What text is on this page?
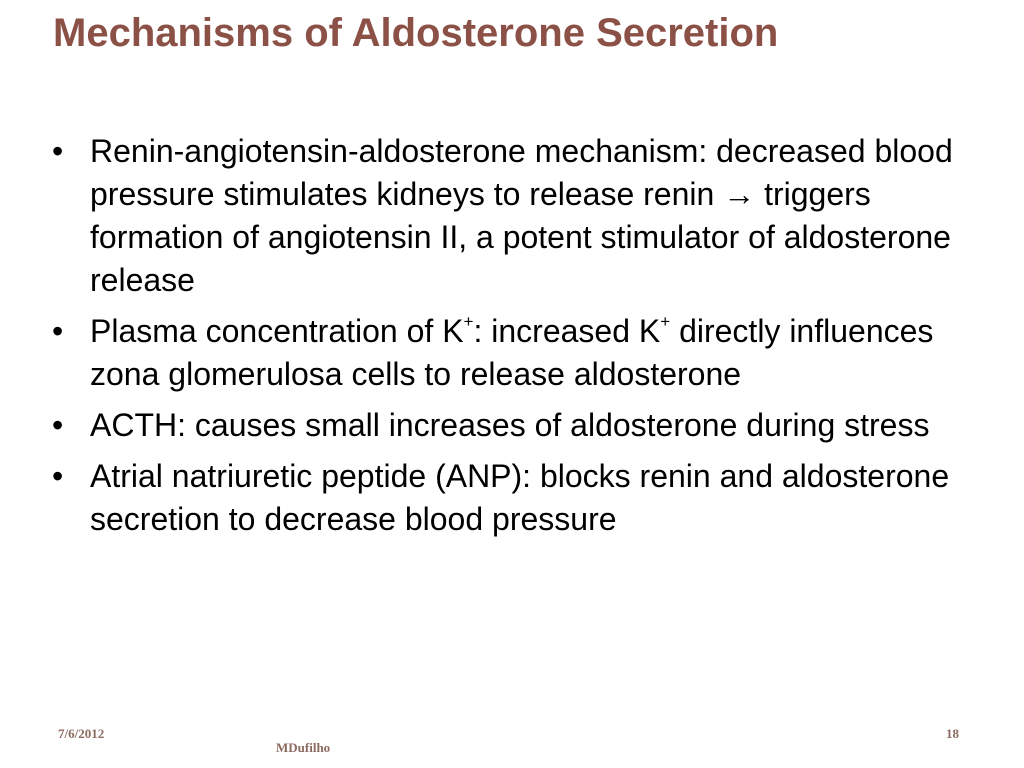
Mechanisms of Aldosterone Secretion
• Renin-angiotensin-aldosterone mechanism: decreased blood pressure stimulates kidneys to release renin → triggers formation of angiotensin II, a potent stimulator of aldosterone release
• Plasma concentration of K+: increased K+ directly influences zona glomerulosa cells to release aldosterone
• ACTH: causes small increases of aldosterone during stress
• Atrial natriuretic peptide (ANP): blocks renin and aldosterone secretion to decrease blood pressure
7/6/2012
MDufilho
18
